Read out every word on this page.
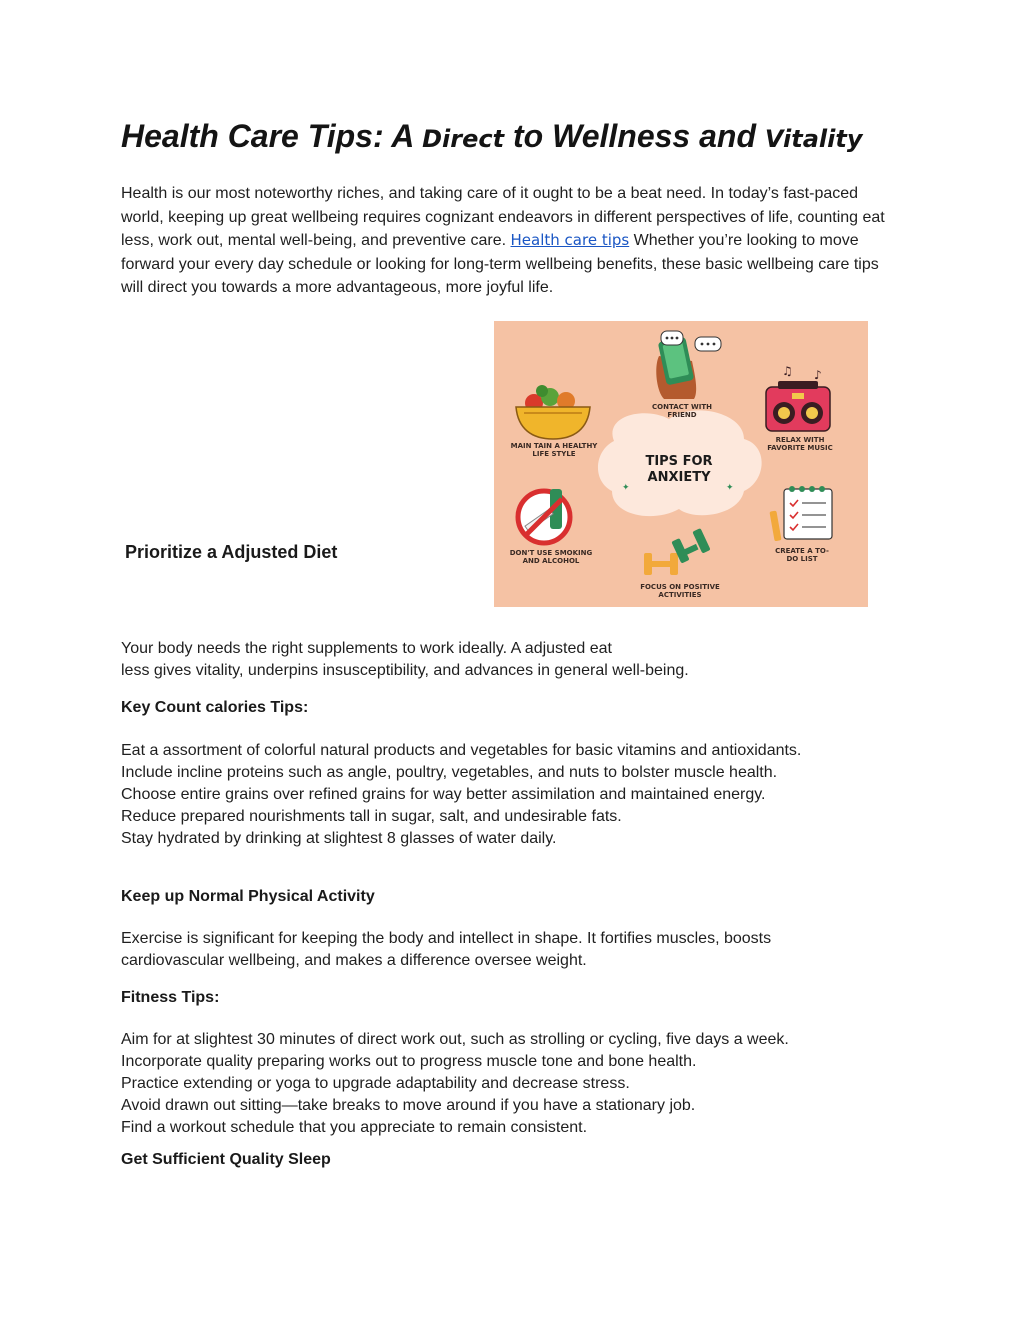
Health Care Tips: A Direct to Wellness and Vitality

Health is our most noteworthy riches, and taking care of it ought to be a beat need. In today’s fast-paced world, keeping up great wellbeing requires cognizant endeavors in different perspectives of life, counting eat less, work out, mental well-being, and preventive care. Health care tips Whether you’re looking to move forward your every day schedule or looking for long-term wellbeing benefits, these basic wellbeing care tips will direct you towards a more advantageous, more joyful life.

Prioritize a Adjusted Diet
♫ ♪
✦	✦
TIPS FOR
ANXIETY
CONTACT WITH FRIEND
MAIN TAIN A HEALTHY LIFE STYLE
RELAX WITH FAVORITE MUSIC
DON'T USE SMOKING AND ALCOHOL
CREATE A TO-DO LIST
FOCUS ON POSITIVE ACTIVITIES
Your body needs the right supplements to work ideally. A adjusted eat
less gives vitality, underpins insusceptibility, and advances in general well-being.
Key Count calories Tips:
Eat a assortment of colorful natural products and vegetables for basic vitamins and antioxidants.
Include incline proteins such as angle, poultry, vegetables, and nuts to bolster muscle health.
Choose entire grains over refined grains for way better assimilation and maintained energy.
Reduce prepared nourishments tall in sugar, salt, and undesirable fats.
Stay hydrated by drinking at slightest 8 glasses of water daily.
Keep up Normal Physical Activity
Exercise is significant for keeping the body and intellect in shape. It fortifies muscles, boosts
cardiovascular wellbeing, and makes a difference oversee weight.
Fitness Tips:
Aim for at slightest 30 minutes of direct work out, such as strolling or cycling, five days a week.
Incorporate quality preparing works out to progress muscle tone and bone health.
Practice extending or yoga to upgrade adaptability and decrease stress.
Avoid drawn out sitting—take breaks to move around if you have a stationary job.
Find a workout schedule that you appreciate to remain consistent.
Get Sufficient Quality Sleep
